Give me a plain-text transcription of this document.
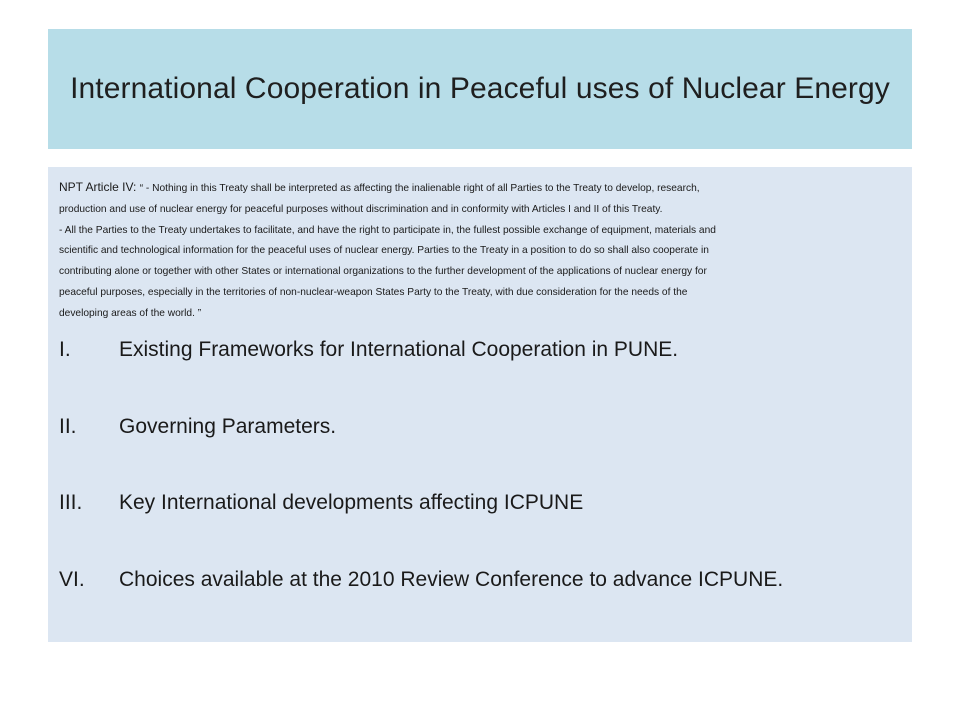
International Cooperation in Peaceful uses of Nuclear Energy

NPT Article IV: “ - Nothing in this Treaty shall be interpreted as affecting the inalienable right of all Parties to the Treaty to develop, research,
production and use of nuclear energy for peaceful purposes without discrimination and in conformity with Articles I and II of this Treaty.
- All the Parties to the Treaty undertakes to facilitate, and have the right to participate in, the fullest possible exchange of equipment, materials and
scientific and technological information for the peaceful uses of nuclear energy. Parties to the Treaty in a position to do so shall also cooperate in
contributing alone or together with other States or international organizations to the further development of the applications of nuclear energy for
peaceful purposes, especially in the territories of non-nuclear-weapon States Party to the Treaty, with due consideration for the needs of the
developing areas of the world. ”

I.	Existing Frameworks for International Cooperation in PUNE.
II.	Governing Parameters.
III.	Key International developments affecting ICPUNE
VI.	Choices available at the 2010 Review Conference to advance ICPUNE.
